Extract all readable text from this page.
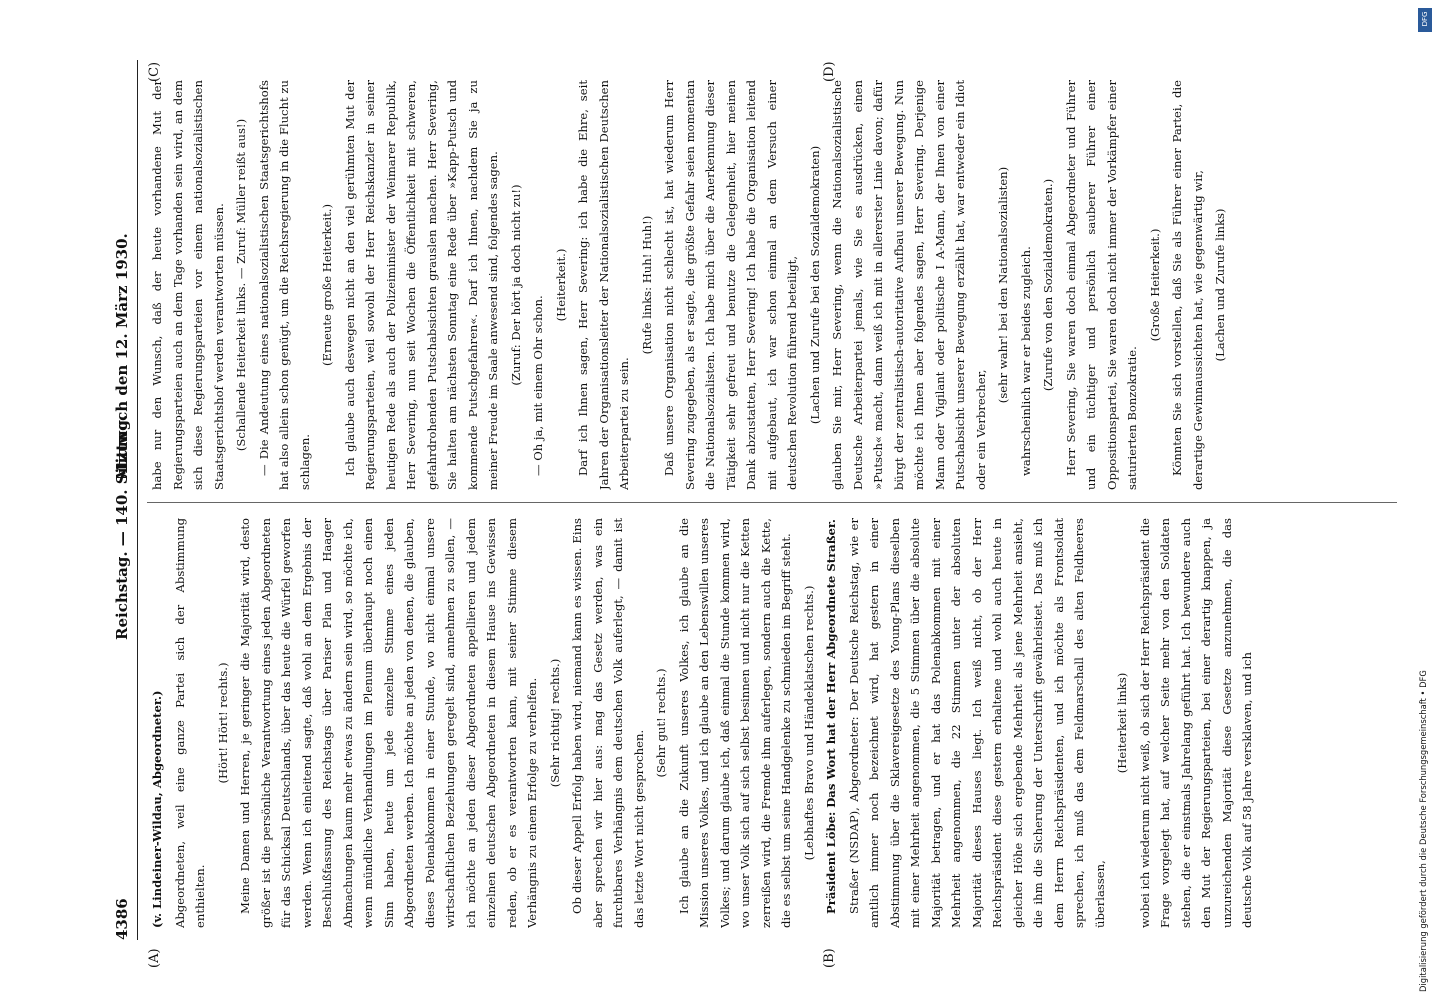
4386
Reichstag. — 140. Sitzung.
Mittwoch den 12. März 1930.
(A)	(B)
(C)	(D)

(v. Lindeiner-Wildau, Abgeordneter.) Abgeordneten, weil eine ganze Partei sich der Abstimmung enthielten.

(Hört! Hört! rechts.) Meine Damen und Herren, je geringer die Majorität wird, desto größer ist die persönliche Verantwortung eines jeden Abgeordneten für das Schicksal Deutschlands, über das heute die Würfel geworfen werden. Wenn ich einleitend sagte, daß wohl an dem Ergebnis der Beschlußfassung des Reichstags über Pariser Plan und Haager Abmachungen kaum mehr etwas zu ändern sein wird, so möchte ich, wenn mündliche Verhandlungen im Plenum überhaupt noch einen Sinn haben, heute um jede einzelne Stimme eines jeden Abgeordneten werben. Ich möchte an jeden von denen, die glauben, dieses Polenabkommen in einer Stunde, wo nicht einmal unsere wirtschaftlichen Beziehungen geregelt sind, annehmen zu sollen, — ich möchte an jeden dieser Abgeordneten appellieren und jedem einzelnen deutschen Abgeordneten in diesem Hause ins Gewissen reden, ob er es verantworten kann, mit seiner Stimme diesem Verhängnis zu einem Erfolge zu verhelfen. (Sehr richtig! rechts.) Ob dieser Appell Erfolg haben wird, niemand kann es wissen. Eins aber sprechen wir hier aus: mag das Gesetz werden, was ein furchtbares Verhängnis dem deutschen Volk auferlegt, — damit ist das letzte Wort nicht gesprochen.

(Sehr gut! rechts.) Ich glaube an die Zukunft unseres Volkes, ich glaube an die Mission unseres Volkes, und ich glaube an den Lebenswillen unseres Volkes; und darum glaube ich, daß einmal die Stunde kommen wird, wo unser Volk sich auf sich selbst besinnen und nicht nur die Ketten zerreißen wird, die Fremde ihm auferlegen, sondern auch die Kette, die es selbst um seine Handgelenke zu schmieden im Begriff steht. (Lebhaftes Bravo und Händeklatschen rechts.) Präsident Löbe: Das Wort hat der Herr Abgeordnete Straßer. Straßer (NSDAP), Abgeordneter: Der Deutsche Reichstag, wie er amtlich immer noch bezeichnet wird, hat gestern in einer Abstimmung über die Sklavereigesetze des Young-Plans dieselben mit einer Mehrheit angenommen, die 5 Stimmen über die absolute Majorität betragen, und er hat das Polenabkommen mit einer Mehrheit angenommen, die 22 Stimmen unter der absoluten Majorität dieses Hauses liegt. Ich weiß nicht, ob der Herr Reichspräsident diese gestern erhaltene und wohl auch heute in gleicher Höhe sich ergebende Mehrheit als jene Mehrheit ansieht, die ihm die Sicherung der Unterschrift gewährleistet. Das muß ich dem Herrn Reichspräsidenten, und ich möchte als Frontsoldat sprechen, ich muß das dem Feldmarschall des alten Feldheeres überlassen,

(Heiterkeit links) wobei ich wiederum nicht weiß, ob sich der Herr Reichspräsident die Frage vorgelegt hat, auf welcher Seite mehr von den Soldaten stehen, die er einstmals Jahrelang geführt hat. Ich bewundere auch den Mut der Regierungsparteien, bei einer derartig knappen, ja unzureichenden Majorität diese Gesetze anzunehmen, die das deutsche Volk auf 58 Jahre versklaven, und ich

habe nur den Wunsch, daß der heute vorhandene Mut der Regierungsparteien auch an dem Tage vorhanden sein wird, an dem sich diese Regierungsparteien vor einem nationalsozialistischen Staatsgerichtshof werden verantworten müssen. (Schallende Heiterkeit links. — Zuruf: Müller reißt aus!) — Die Andeutung eines nationalsozialistischen Staatsgerichtshofs hat also allein schon genügt, um die Reichsregierung in die Flucht zu schlagen.

(Erneute große Heiterkeit.) Ich glaube auch deswegen nicht an den viel gerühmten Mut der Regierungsparteien, weil sowohl der Herr Reichskanzler in seiner heutigen Rede als auch der Polizeiminister der Weimarer Republik, Herr Severing, nun seit Wochen die Öffentlichkeit mit schweren, gefahrdrohenden Putschabsichten grauslen machen. Herr Severing, Sie halten am nächsten Sonntag eine Rede über »Kapp-Putsch und kommende Putschgefahren«. Darf ich Ihnen, nachdem Sie ja zu meiner Freude im Saale anwesend sind, folgendes sagen. (Zuruf: Der hört ja doch nicht zu!)

— Oh ja, mit einem Ohr schon.

(Heiterkeit.) Darf ich Ihnen sagen, Herr Severing: ich habe die Ehre, seit Jahren der Organisationsleiter der Nationalsozialistischen Deutschen Arbeiterpartei zu sein.

(Rufe links: Huh! Huh!) Daß unsere Organisation nicht schlecht ist, hat wiederum Herr Severing zugegeben, als er sagte, die größte Gefahr seien momentan die Nationalsozialisten. Ich habe mich über die Anerkennung dieser Tätigkeit sehr gefreut und benutze die Gelegenheit, hier meinen Dank abzustatten, Herr Severing! Ich habe die Organisation leitend mit aufgebaut, ich war schon einmal an dem Versuch einer deutschen Revolution führend beteiligt, (Lachen und Zurufe bei den Sozialdemokraten) glauben Sie mir, Herr Severing, wenn die Nationalsozialistische Deutsche Arbeiterpartei jemals, wie Sie es ausdrücken, einen »Putsch« macht, dann weiß ich mit in allererster Linie davon; dafür bürgt der zentralistisch-autoritative Aufbau unserer Bewegung. Nun möchte ich Ihnen aber folgendes sagen, Herr Severing. Derjenige Mann oder Vigilant oder politische I A-Mann, der Ihnen von einer Putschabsicht unserer Bewegung erzählt hat, war entweder ein Idiot oder ein Verbrecher,

(sehr wahr! bei den Nationalsozialisten) wahrscheinlich war er beides zugleich. (Zurufe von den Sozialdemokraten.) Herr Severing, Sie waren doch einmal Abgeordneter und Führer und ein tüchtiger und persönlich sauberer Führer einer Oppositionspartei, Sie waren doch nicht immer der Vorkämpfer einer saturierten Bonzokratie.

(Große Heiterkeit.) Könnten Sie sich vorstellen, daß Sie als Führer einer Partei, die derartige Gewinnaussichten hat, wie gegenwärtig wir, (Lachen und Zurufe links)

DFG
Digitalisierung gefördert durch die Deutsche Forschungsgemeinschaft • DFG
